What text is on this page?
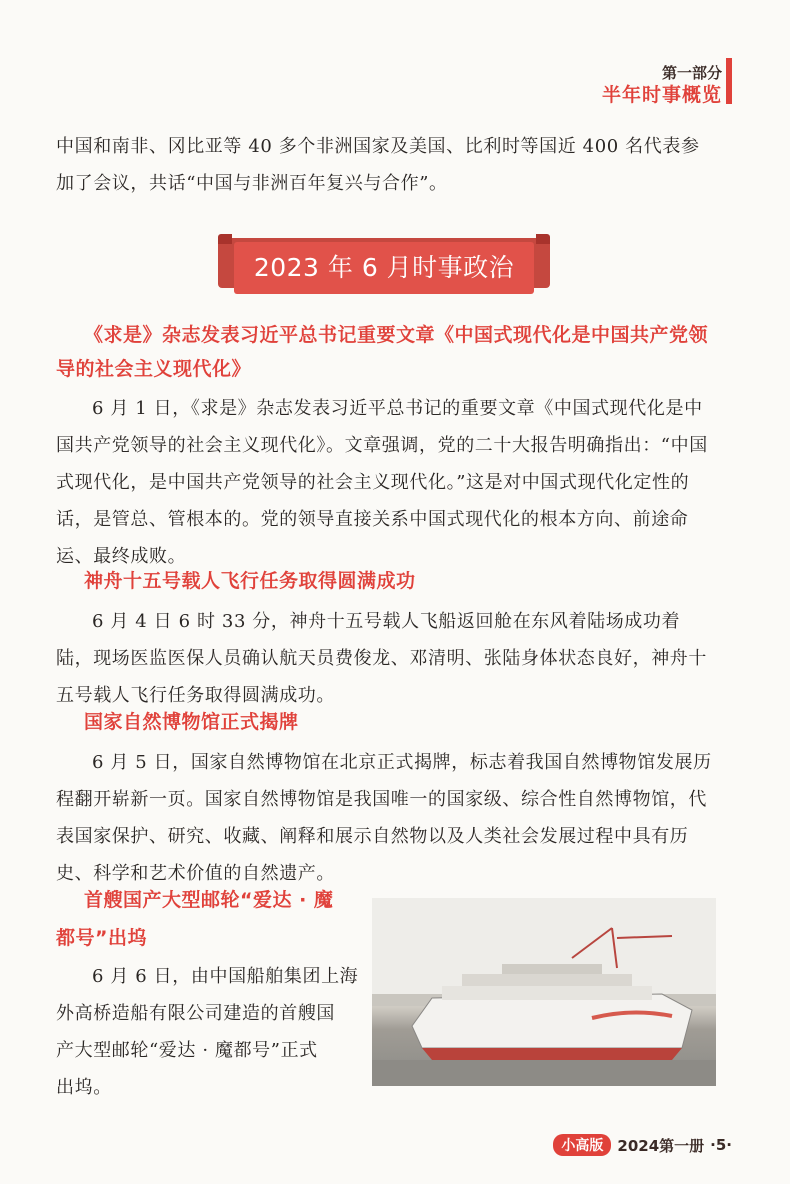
第一部分
半年时事概览

中国和南非、冈比亚等 40 多个非洲国家及美国、比利时等国近 400 名代表参加了会议，共话“中国与非洲百年复兴与合作”。

2023 年 6 月时事政治
《求是》杂志发表习近平总书记重要文章《中国式现代化是中国共产党领导的社会主义现代化》

6 月 1 日，《求是》杂志发表习近平总书记的重要文章《中国式现代化是中国共产党领导的社会主义现代化》。文章强调，党的二十大报告明确指出：“中国式现代化，是中国共产党领导的社会主义现代化。”这是对中国式现代化定性的话，是管总、管根本的。党的领导直接关系中国式现代化的根本方向、前途命运、最终成败。

神舟十五号载人飞行任务取得圆满成功

6 月 4 日 6 时 33 分，神舟十五号载人飞船返回舱在东风着陆场成功着陆，现场医监医保人员确认航天员费俊龙、邓清明、张陆身体状态良好，神舟十五号载人飞行任务取得圆满成功。

国家自然博物馆正式揭牌

6 月 5 日，国家自然博物馆在北京正式揭牌，标志着我国自然博物馆发展历程翻开崭新一页。国家自然博物馆是我国唯一的国家级、综合性自然博物馆，代表国家保护、研究、收藏、阐释和展示自然物以及人类社会发展过程中具有历史、科学和艺术价值的自然遗产。

首艘国产大型邮轮“爱达 · 魔
都号”出坞
6 月 6 日，由中国船舶集团上海
外高桥造船有限公司建造的首艘国
产大型邮轮“爱达 · 魔都号”正式
出坞。
小高版 2024第一册 ·5·
